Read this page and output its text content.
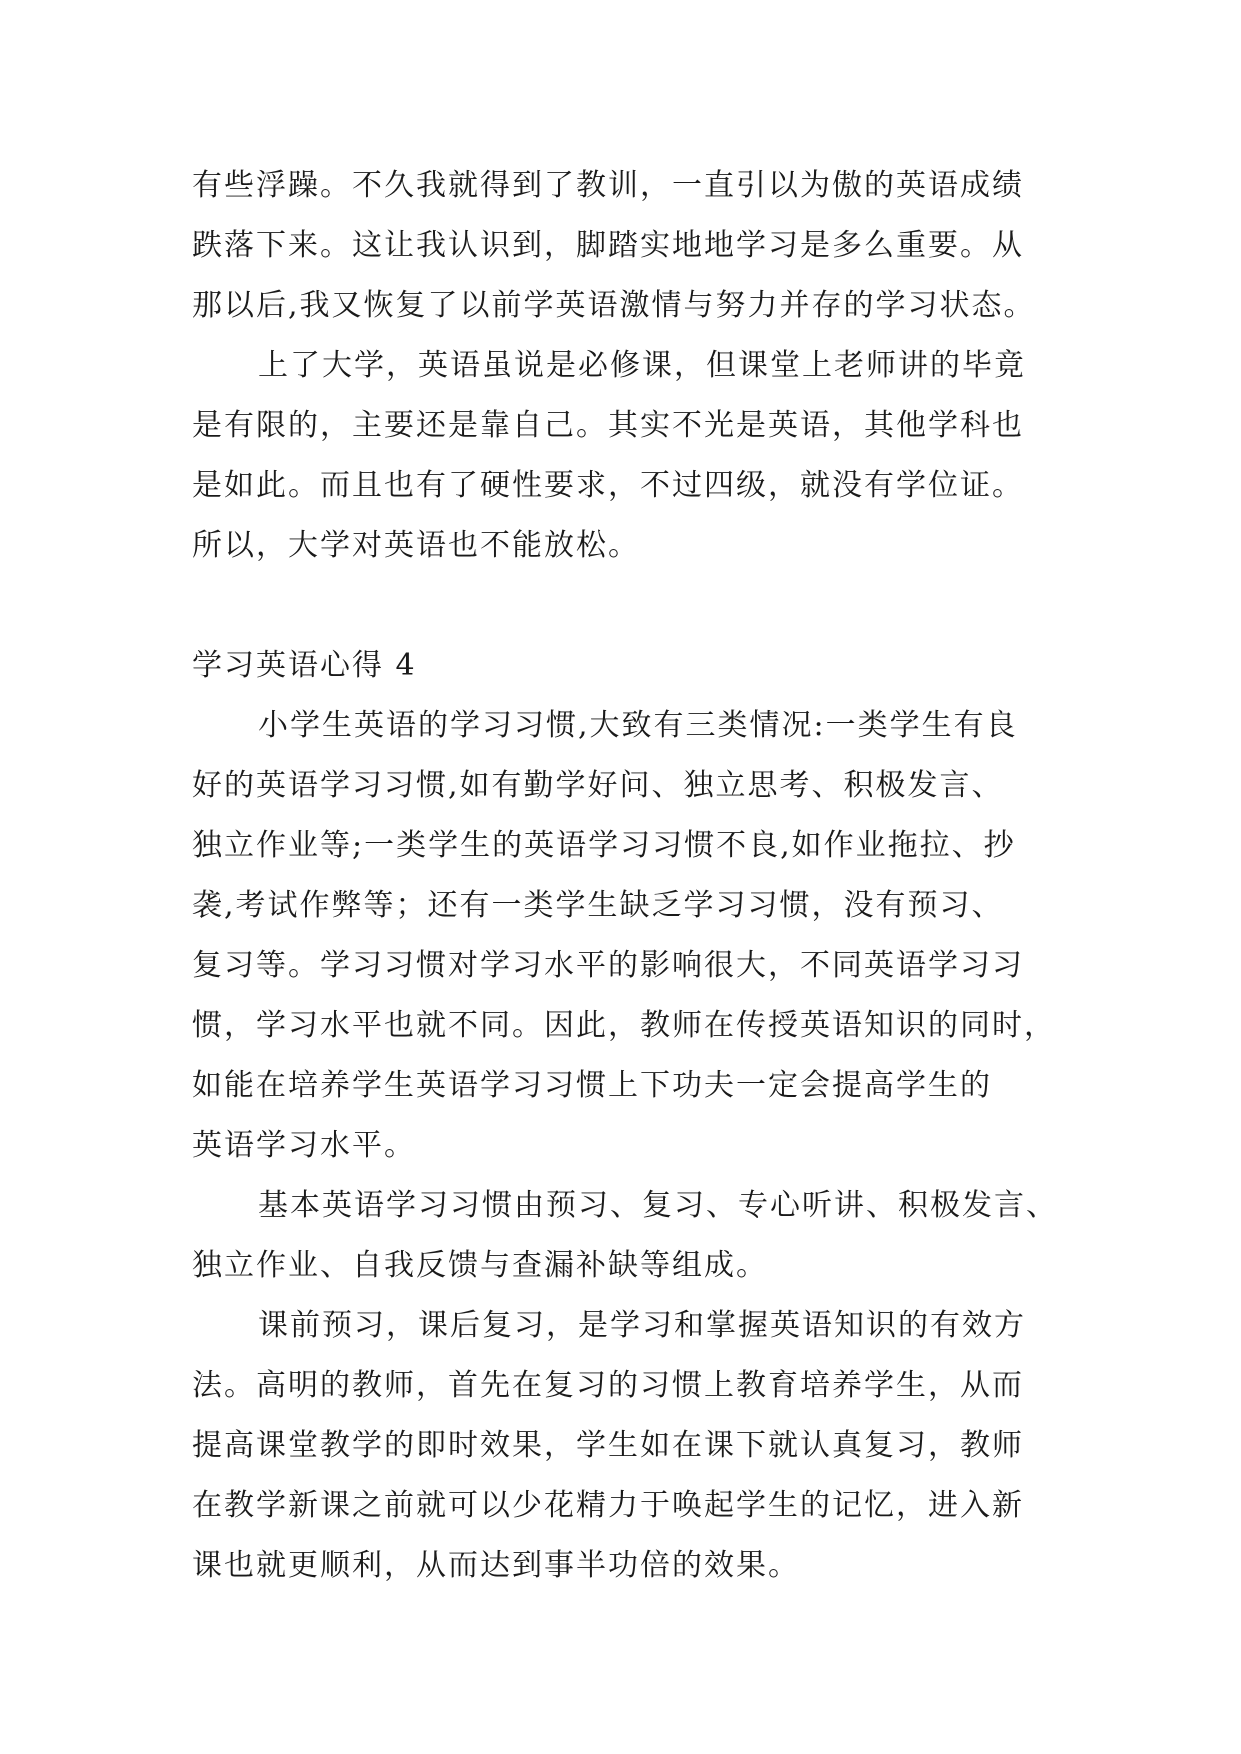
有些浮躁。不久我就得到了教训，一直引以为傲的英语成绩
跌落下来。这让我认识到，脚踏实地地学习是多么重要。从
那以后,我又恢复了以前学英语激情与努力并存的学习状态。
上了大学，英语虽说是必修课，但课堂上老师讲的毕竟
是有限的，主要还是靠自己。其实不光是英语，其他学科也
是如此。而且也有了硬性要求，不过四级，就没有学位证。
所以，大学对英语也不能放松。
学习英语心得 4
小学生英语的学习习惯,大致有三类情况:一类学生有良
好的英语学习习惯,如有勤学好问、独立思考、积极发言、
独立作业等;一类学生的英语学习习惯不良,如作业拖拉、抄
袭,考试作弊等；还有一类学生缺乏学习习惯，没有预习、
复习等。学习习惯对学习水平的影响很大，不同英语学习习
惯，学习水平也就不同。因此，教师在传授英语知识的同时，
如能在培养学生英语学习习惯上下功夫一定会提高学生的
英语学习水平。
基本英语学习习惯由预习、复习、专心听讲、积极发言、
独立作业、自我反馈与查漏补缺等组成。
课前预习，课后复习，是学习和掌握英语知识的有效方
法。高明的教师，首先在复习的习惯上教育培养学生，从而
提高课堂教学的即时效果，学生如在课下就认真复习，教师
在教学新课之前就可以少花精力于唤起学生的记忆，进入新
课也就更顺利，从而达到事半功倍的效果。
